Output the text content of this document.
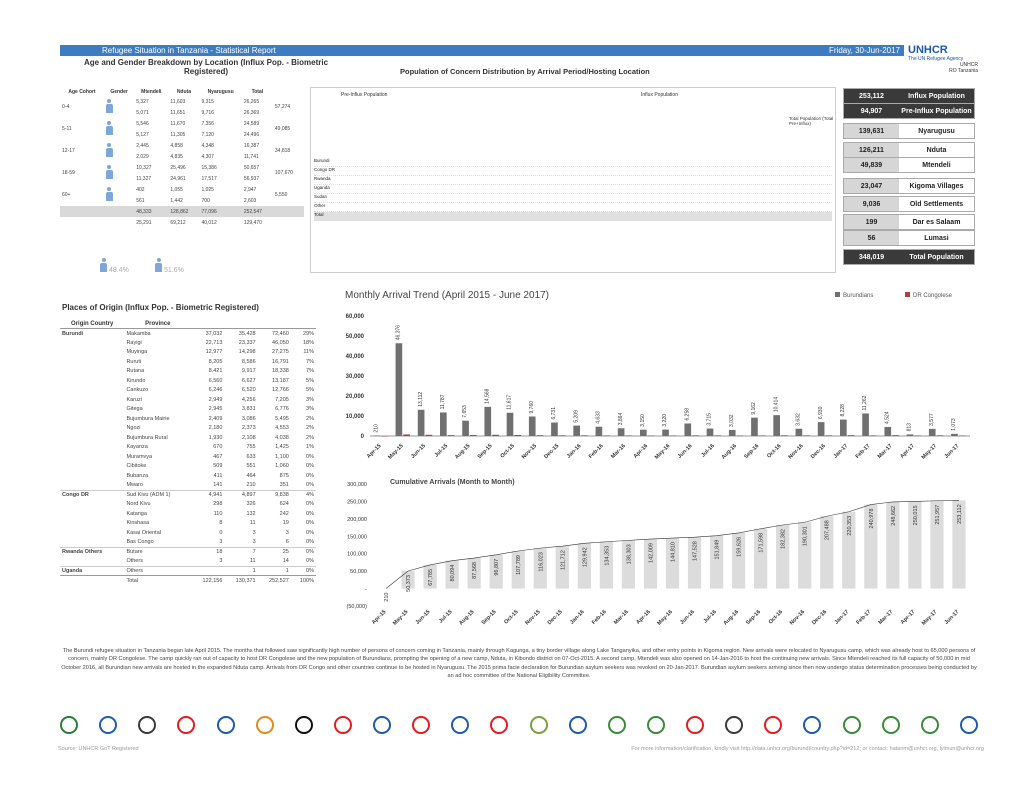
Refugee Situation in Tanzania - Statistical Report	Friday, 30-Jun-2017 UNHCR
The UN Refugee Agency
UNHCR
RO Tanzania
Age and Gender Breakdown by Location (Influx Pop. - Biometric Registered)
Age Cohort	Gender	Mtendeli	Nduta	Nyarugusu	Total	
0-4		5,327	11,603	9,315	26,265	57,274
		5,071	11,651	9,716	26,369	
5-11		5,546	11,670	7,356	24,589	49,085
		5,127	11,305	7,120	24,496	
12-17		2,445	4,858	4,348	16,387	34,818
		2,029	4,835	4,307	11,741	
18-59		10,327	25,496	15,386	50,657	107,670
		11,327	24,961	17,517	56,937	
60+		402	1,055	1,025	2,947	5,550
		561	1,442	700	2,603	
		48,333	128,862	77,096	252,547	
		25,291	69,212	40,012	129,470	
48.4%	51.6%
Population of Concern Distribution by Arrival Period/Hosting Location
Pre-Influx Population	Influx Population
Total Population (Total Pre+Influx)
Burundi
Congo DR
Rwanda
Uganda
Sudan
Other
Total
253,112	Influx Population
94,907	Pre-Influx Population
139,631	Nyarugusu
126,211	Nduta
49,839	Mtendeli
23,047	Kigoma Villages
9,036	Old Settlements
199	Dar es Salaam
56	Lumasi
348,019	Total Population
Places of Origin (Influx Pop. - Biometric Registered)
Origin Country	Province				
Burundi	Makamba	37,032	35,428	72,460	29%
	Rayigi	22,713	23,337	46,050	18%
	Muyinga	12,977	14,298	27,275	11%
	Ruruti	8,205	8,586	16,791	7%
	Rutana	8,421	9,917	18,338	7%
	Kirundo	6,560	6,627	13,187	5%
	Cankuzo	6,246	6,520	12,766	5%
	Karuzi	2,949	4,256	7,205	3%
	Gitega	2,945	3,831	6,776	3%
	Bujumbura Mairie	2,409	3,086	5,495	2%
	Ngozi	2,180	2,373	4,553	2%
	Bujumbura Rural	1,930	2,108	4,038	2%
	Kayanza	670	755	1,425	1%
	Muramvya	467	633	1,100	0%
	Cibitoke	509	551	1,060	0%
	Bubanza	411	464	875	0%
	Mwaro	141	210	351	0%
Congo DR	Sud Kivu (ADM 1)	4,941	4,897	9,838	4%
	Nord Kivu	298	326	624	0%
	Katanga	110	132	242	0%
	Kinshasa	8	11	19	0%
	Kasai Oriental	0	3	3	0%
	Bas Congo	3	3	6	0%
Rwanda Others	Butare	18	7	25	0%
	Others	3	11	14	0%
Uganda	Others		1	1	0%
	Total	122,156	130,371	252,527	100%
Monthly Arrival Trend (April 2015 - June 2017)	Burundians	DR Congolese
0
10,000
20,000
30,000
40,000
50,000
60,000
210
Apr-15
46,376
May-15
13,112
Jun-15
11,787
Jul-15
7,653
Aug-15
14,568
Sep-15
11,617
Oct-15
9,760
Nov-15
6,731
Dec-15
5,209
Jan-16
4,633
Feb-16
3,864
Mar-16
3,150
Apr-16
3,220
May-16
6,258
Jun-16
3,715
Jul-16
3,032
Aug-16
9,162
Sep-16
10,414
Oct-16
3,632
Nov-16
6,930
Dec-16
8,228
Jan-17
11,262
Feb-17
4,524
Mar-17
813
Apr-17
3,577
May-17
1,073
Jun-17
Cumulative Arrivals (Month to Month)
(50,000)
-
50,000
100,000
150,000
200,000
250,000
300,000
210
Apr-15
50,373
May-15
67,785
Jun-15
80,094
Jul-15
87,568
Aug-15
96,807
Sep-15
107,789
Oct-15
116,023
Nov-15
121,712
Dec-15
129,942
Jan-16
134,353
Feb-16
138,303
Mar-16
142,009
Apr-16
144,810
May-16
147,528
Jun-16
151,849
Jul-16
159,626
Aug-16
171,598
Sep-16
182,382
Oct-16
190,301
Nov-16
207,488
Dec-16
220,353
Jan-17
240,978
Feb-17
248,662
Mar-17
250,015
Apr-17
251,957
May-17
253,112
Jun-17
The Burundi refugee situation in Tanzania began late April 2015. The months that followed saw significantly high number of persons of concern coming in Tanzania, mainly through Kagunga, a tiny border village along Lake Tanganyika, and other entry points in Kigoma region. New arrivals were relocated to Nyarugusu camp, which was already host to 65,000 persons of concern, mainly DR Congolese. The camp quickly ran out of capacity to host DR Congolese and the new population of Burundians, prompting the opening of a new camp, Nduta, in Kibondo district on 07-Oct-2015. A second camp, Mtendeli was also opened on 14-Jan-2016 to host the continuing new arrivals. Since Mtendeli reached its full capacity of 50,000 in mid October 2016, all Burundian new arrivals are hosted in the expanded Nduta camp. Arrivals from DR Congo and other countries continue to be hosted in Nyarugusu. The 2015 prima facie declaration for Burundian asylum seekers was revoked on 20-Jan-2017. Burundian asylum seekers arriving since then now undergo status determination processes being conducted by an ad hoc committee of the National Eligibility Committee.
Source: UNHCR GoT Registered	For more information/clarification, kindly visit http://data.unhcr.org/burundi/country.php?id=212; or contact: hatanm@unhcr.org, lyimun@unhcr.org
